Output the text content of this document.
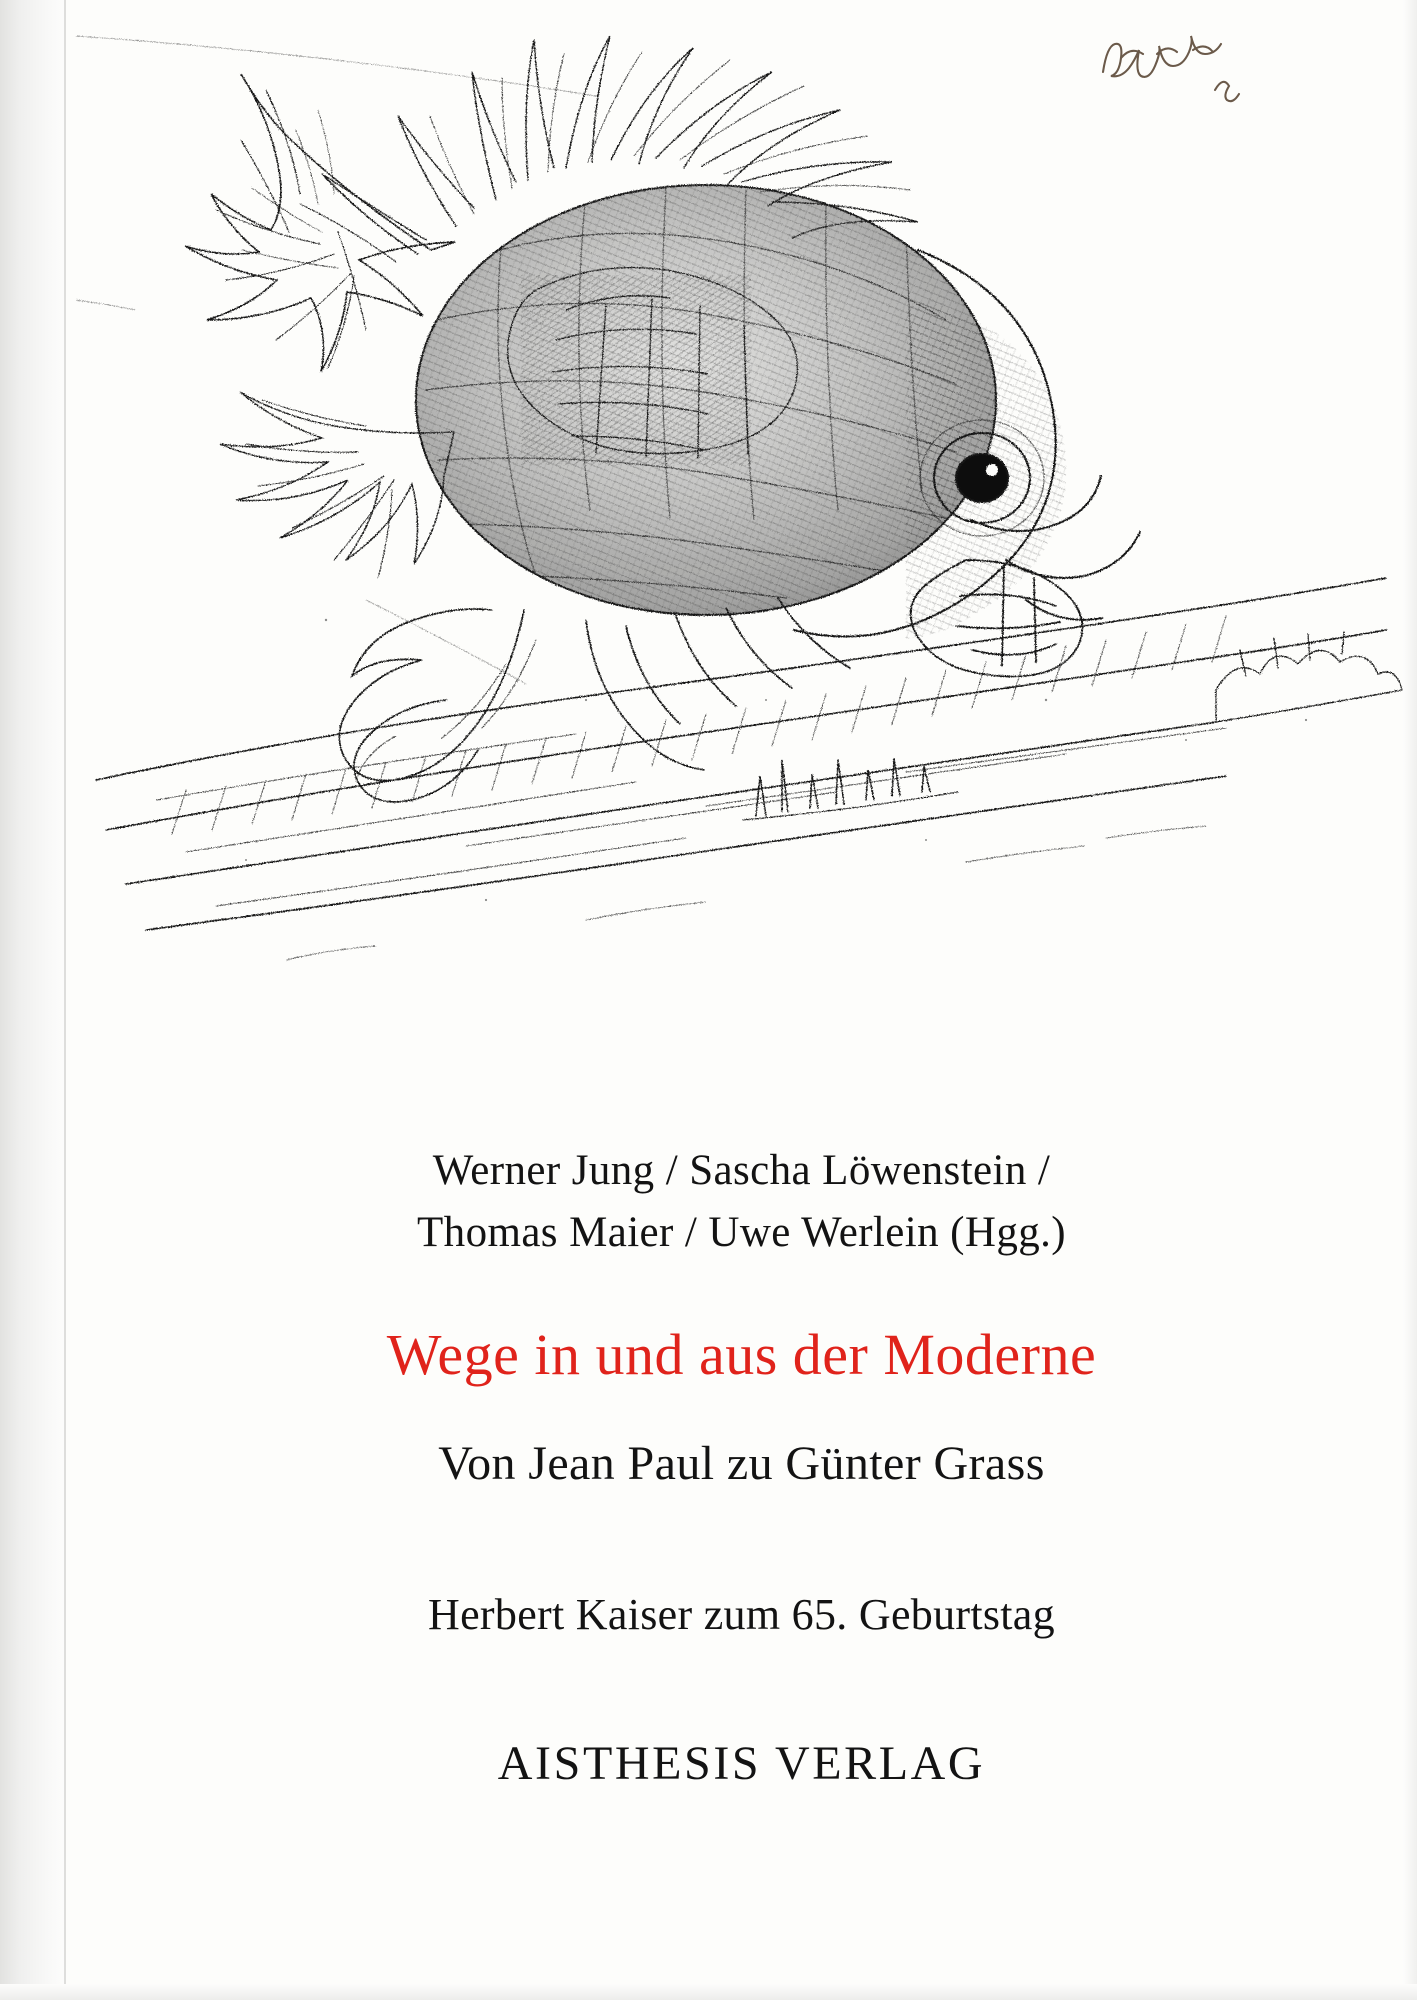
Werner Jung / Sascha Löwenstein /
Thomas Maier / Uwe Werlein (Hgg.)
Wege in und aus der Moderne
Von Jean Paul zu Günter Grass
Herbert Kaiser zum 65. Geburtstag
AISTHESIS VERLAG
